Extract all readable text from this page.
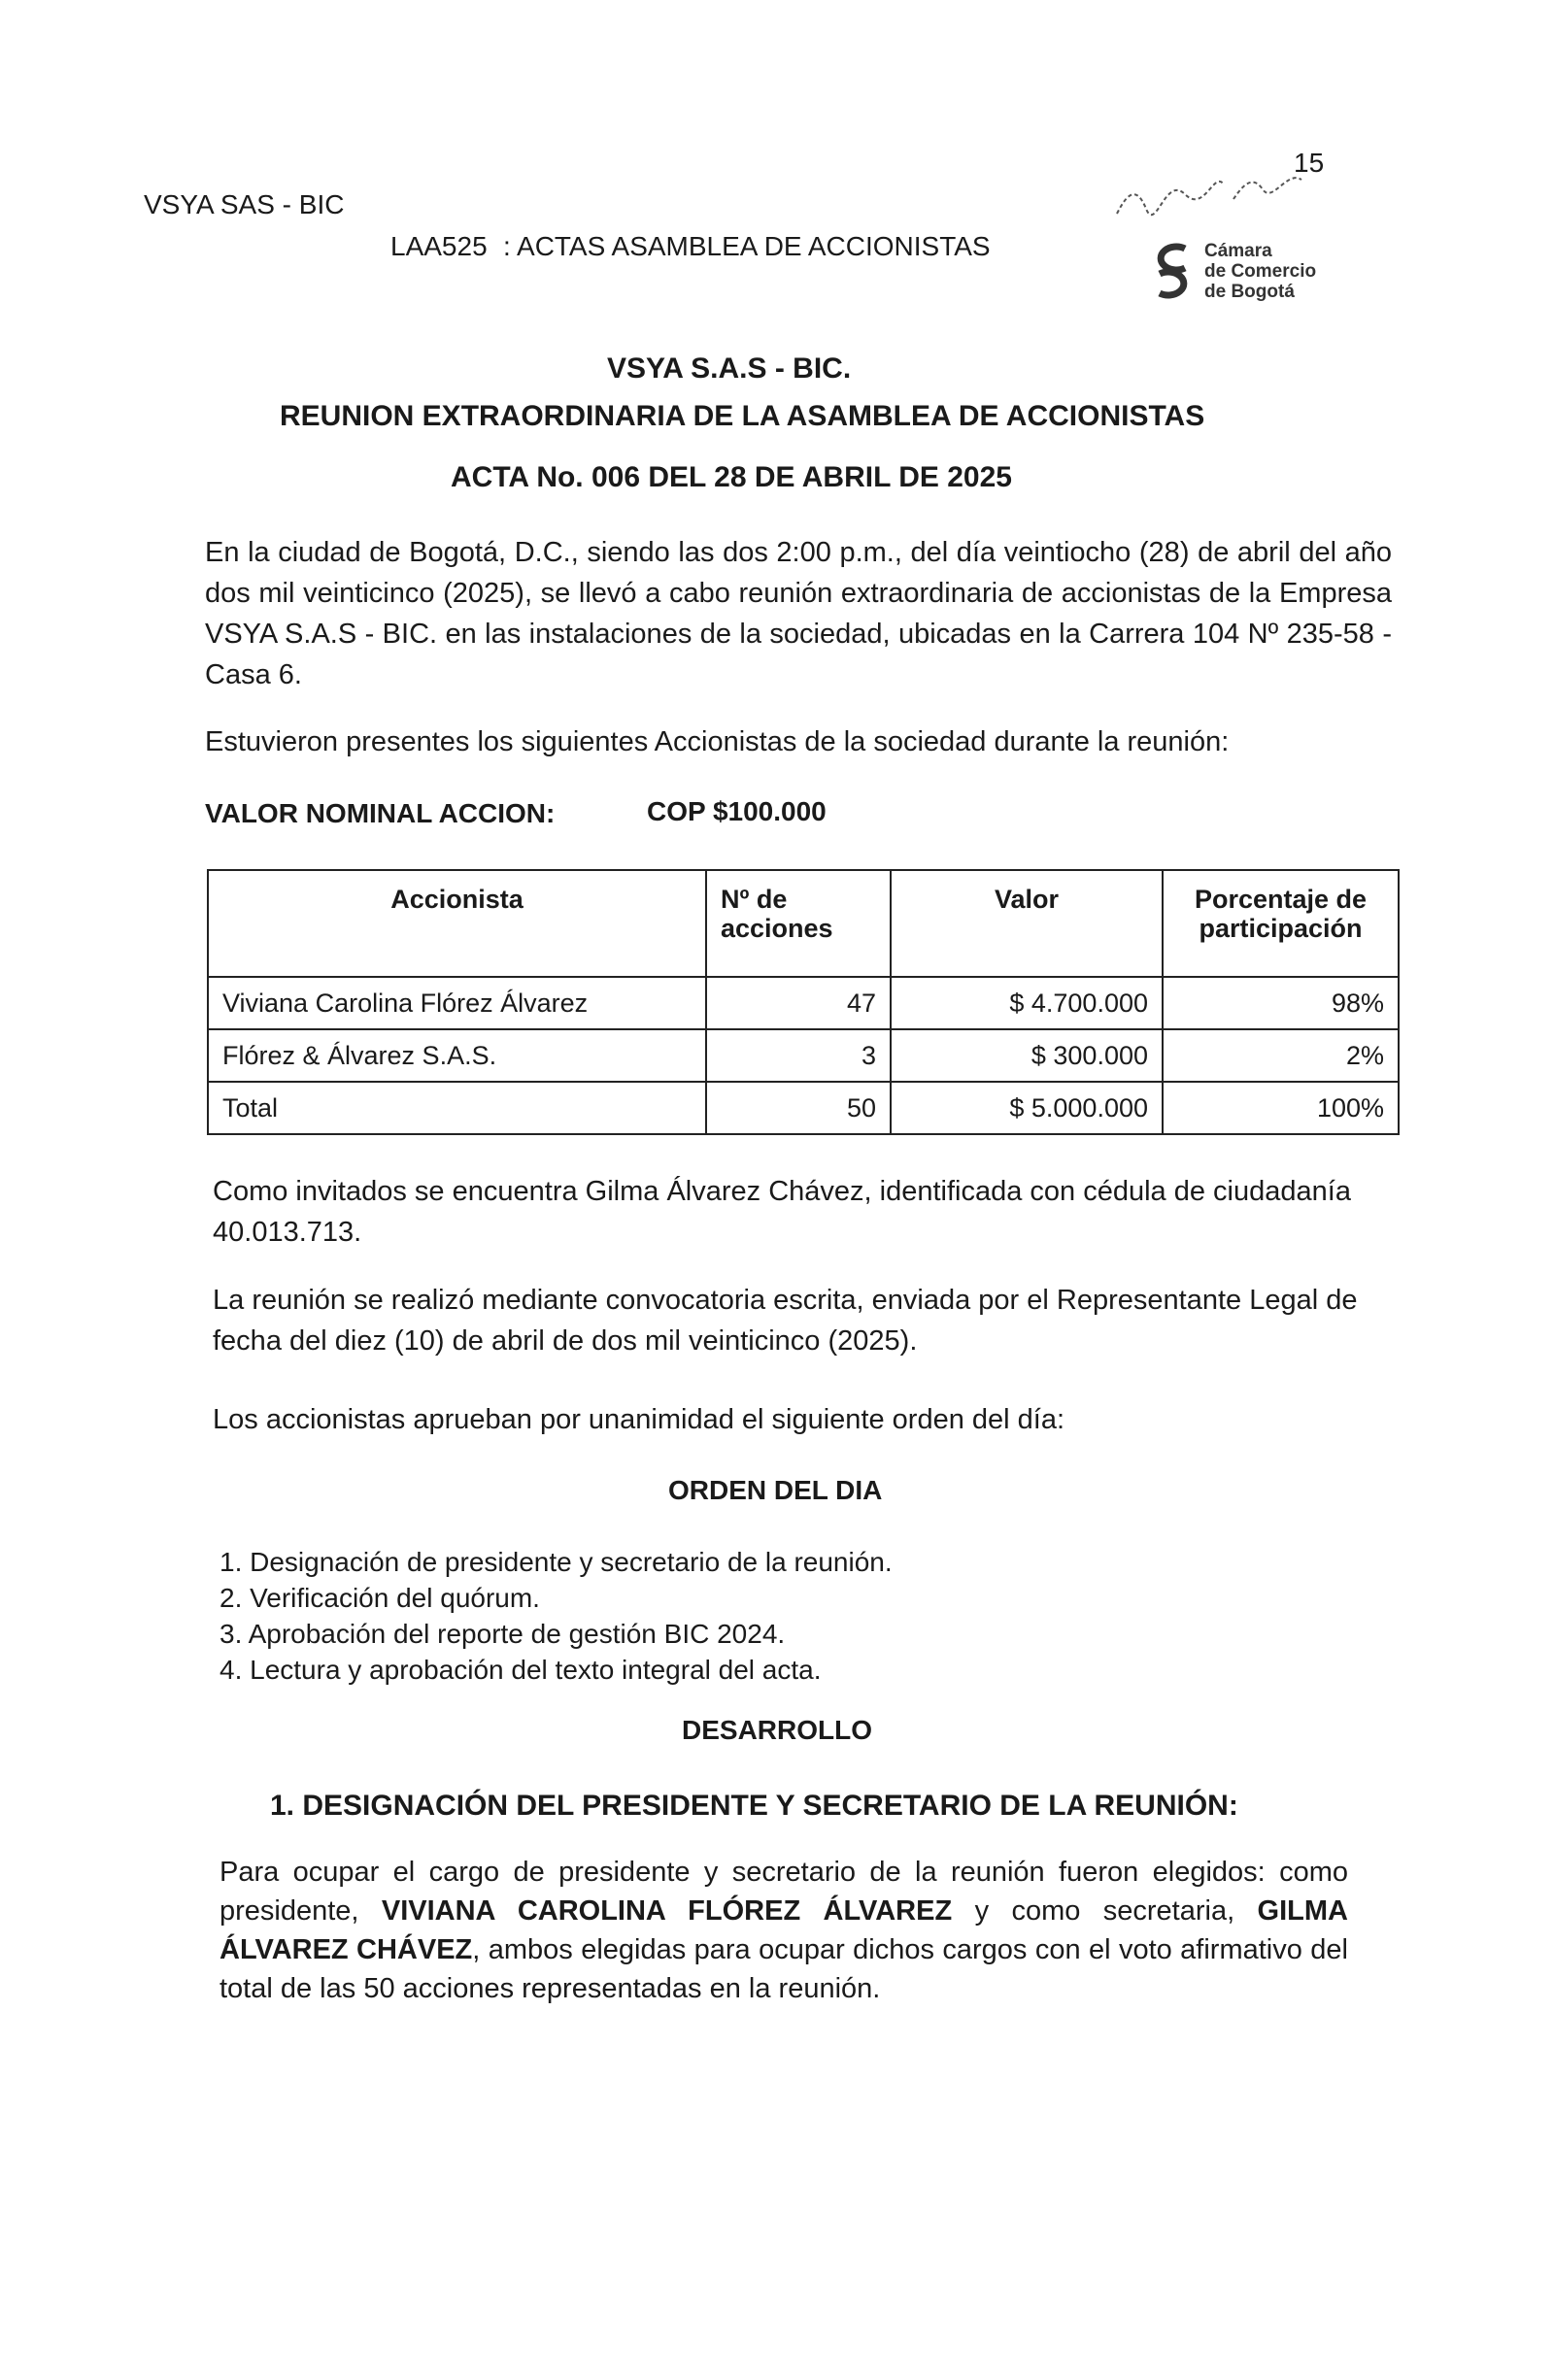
15
VSYA SAS - BIC
LAA525 : ACTAS ASAMBLEA DE ACCIONISTAS	Cámara
de Comercio
de Bogotá
VSYA S.A.S - BIC.
REUNION EXTRAORDINARIA DE LA ASAMBLEA DE ACCIONISTAS
ACTA No. 006 DEL 28 DE ABRIL DE 2025

En la ciudad de Bogotá, D.C., siendo las dos 2:00 p.m., del día veintiocho (28) de abril del año dos mil veinticinco (2025), se llevó a cabo reunión extraordinaria de accionistas de la Empresa VSYA S.A.S - BIC. en las instalaciones de la sociedad, ubicadas en la Carrera 104 Nº 235-58 - Casa 6.

Estuvieron presentes los siguientes Accionistas de la sociedad durante la reunión:
VALOR NOMINAL ACCION:	COP $100.000
Accionista	Nº de acciones	Valor	Porcentaje de participación
Viviana Carolina Flórez Álvarez	47	$ 4.700.000	98%
Flórez & Álvarez S.A.S.	3	$ 300.000	2%
Total	50	$ 5.000.000	100%

Como invitados se encuentra Gilma Álvarez Chávez, identificada con cédula de ciudadanía 40.013.713.

La reunión se realizó mediante convocatoria escrita, enviada por el Representante Legal de fecha del diez (10) de abril de dos mil veinticinco (2025).

Los accionistas aprueban por unanimidad el siguiente orden del día:
ORDEN DEL DIA
1. Designación de presidente y secretario de la reunión.
2. Verificación del quórum.
3. Aprobación del reporte de gestión BIC 2024.
4. Lectura y aprobación del texto integral del acta.
DESARROLLO
1. DESIGNACIÓN DEL PRESIDENTE Y SECRETARIO DE LA REUNIÓN:

Para ocupar el cargo de presidente y secretario de la reunión fueron elegidos: como presidente, VIVIANA CAROLINA FLÓREZ ÁLVAREZ y como secretaria, GILMA ÁLVAREZ CHÁVEZ, ambos elegidas para ocupar dichos cargos con el voto afirmativo del total de las 50 acciones representadas en la reunión.
